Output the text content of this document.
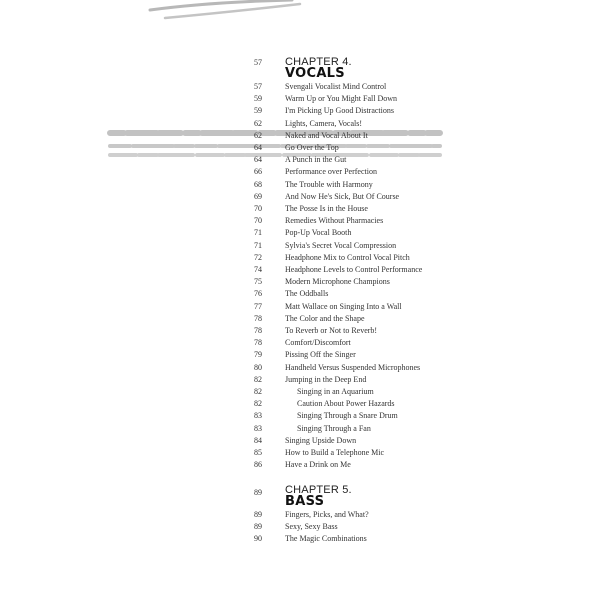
57 CHAPTER 4.
VOCALS
57	Svengali Vocalist Mind Control
59	Warm Up or You Might Fall Down
59	I'm Picking Up Good Distractions
62	Lights, Camera, Vocals!
62	Naked and Vocal About It
64	Go Over the Top
64	A Punch in the Gut
66	Performance over Perfection
68	The Trouble with Harmony
69	And Now He's Sick, But Of Course
70	The Posse Is in the House
70	Remedies Without Pharmacies
71	Pop-Up Vocal Booth
71	Sylvia's Secret Vocal Compression
72	Headphone Mix to Control Vocal Pitch
74	Headphone Levels to Control Performance
75	Modern Microphone Champions
76	The Oddballs
77	Matt Wallace on Singing Into a Wall
78	The Color and the Shape
78	To Reverb or Not to Reverb!
78	Comfort/Discomfort
79	Pissing Off the Singer
80	Handheld Versus Suspended Microphones
82	Jumping in the Deep End
82	Singing in an Aquarium
82	Caution About Power Hazards
83	Singing Through a Snare Drum
83	Singing Through a Fan
84	Singing Upside Down
85	How to Build a Telephone Mic
86	Have a Drink on Me
89 CHAPTER 5.
BASS
89	Fingers, Picks, and What?
89	Sexy, Sexy Bass
90	The Magic Combinations
